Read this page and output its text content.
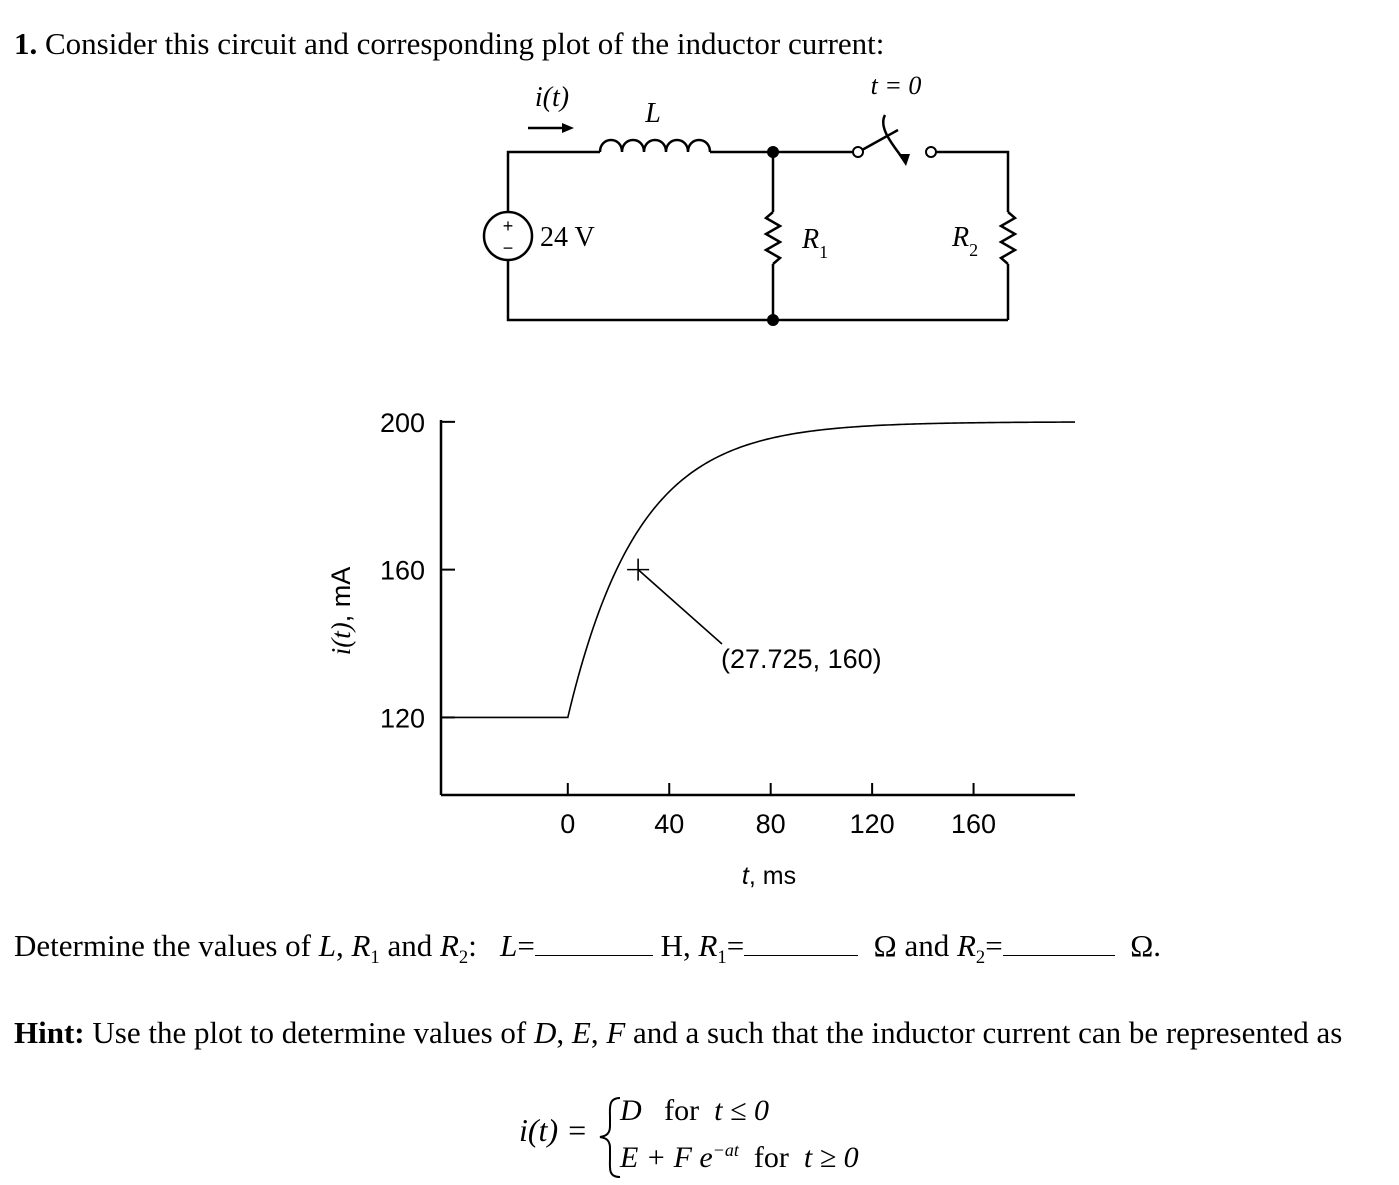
1. Consider this circuit and corresponding plot of the inductor current:
+
−
i(t)
L
t = 0
24 V	$R_1$	$R_2$
0	40	80 120 160
120
160
200
(27.725, 160)
t, ms
i(t), mA
Determine the values of L, $R_1$ and $R_2$: L=	H, $R_1=$	Ω and $R_2=$	Ω.
Hint: Use the plot to determine values of D, E, F and a such that the inductor current can be represented as
i(t) =
D for t ≤ 0
E + F $e^{-at}$ for t ≥ 0
